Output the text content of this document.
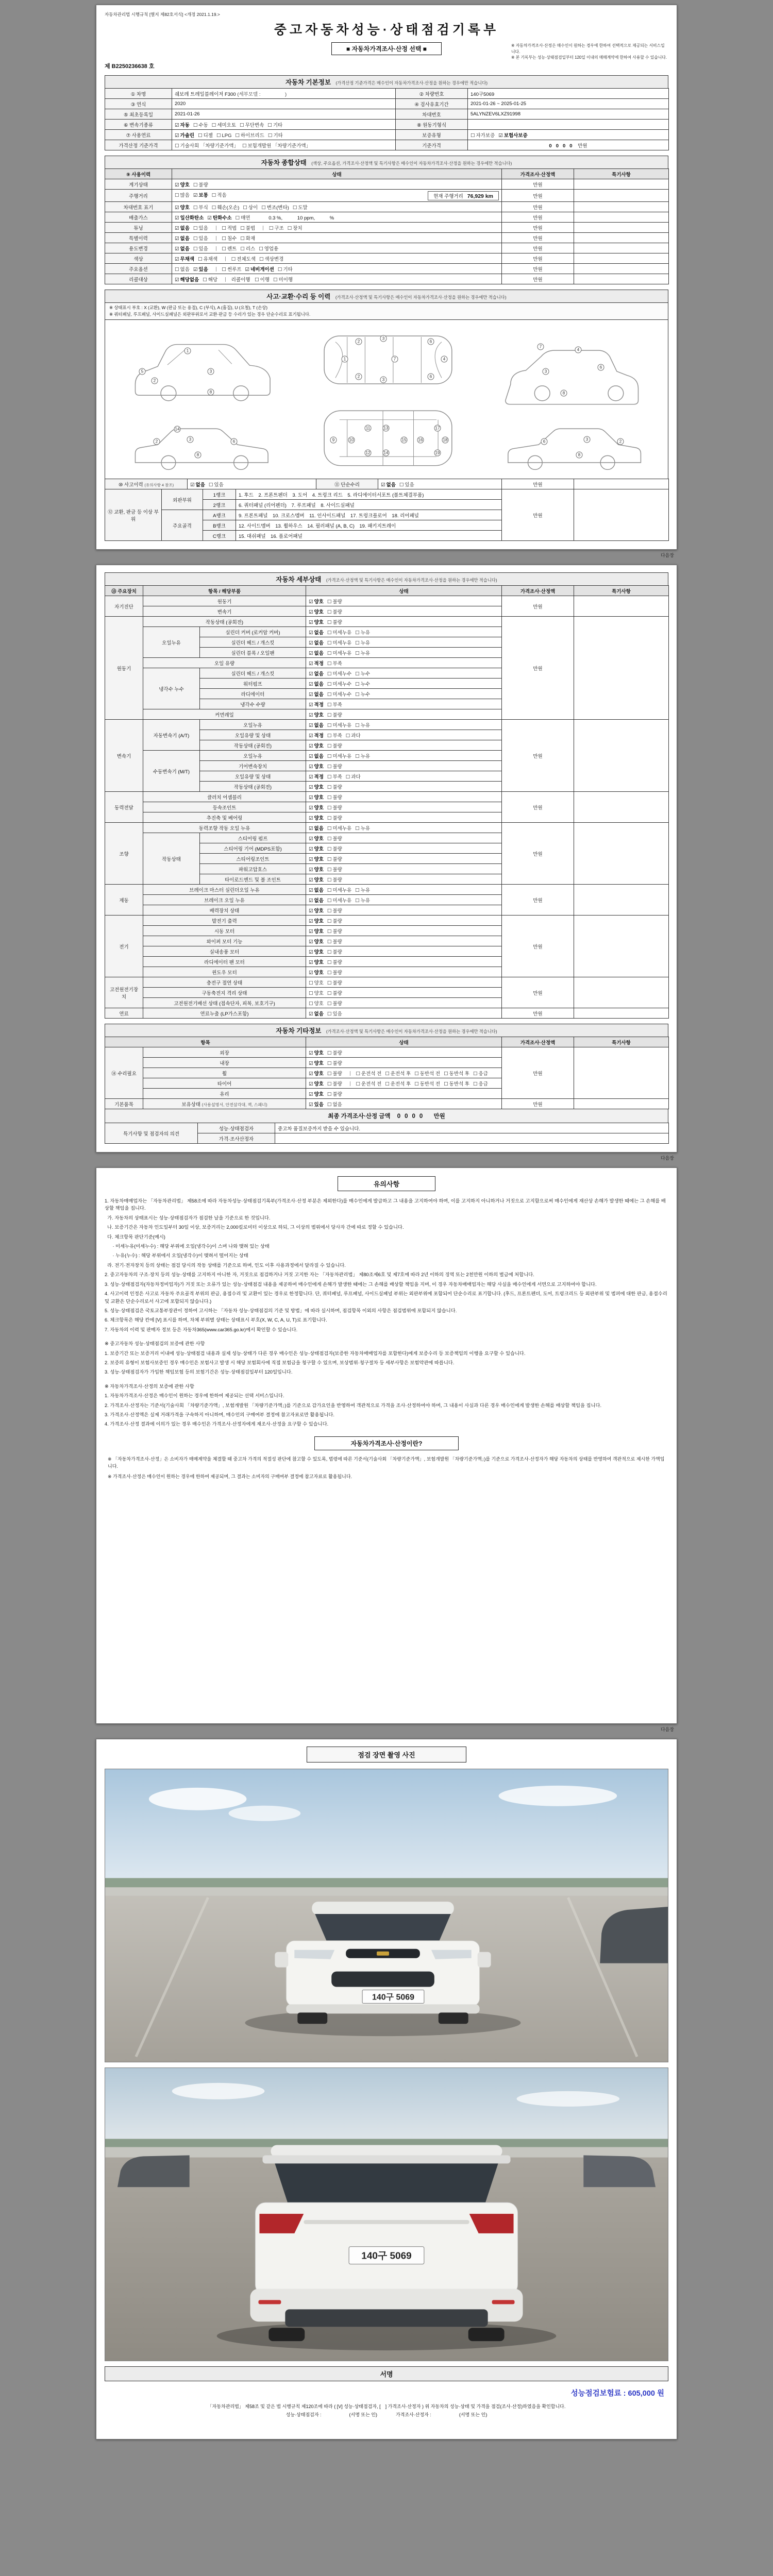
자동차관리법 시행규칙 [별지 제82호서식] <개정 2021.1.19.>
중고자동차성능·상태점검기록부
■ 자동차가격조사·산정 선택 ■	※ 자동차가격조사·산정은 매수인이 원하는 경우에 한하여 선택적으로 제공되는 서비스입니다.
※ 본 기록부는 성능·상태점검일부터 120일 이내의 매매계약에 한하여 사용할 수 있습니다.
제 B2250236638 호
자동차 기본정보 (가격산정 기준가격은 매수인이 자동차가격조사·산정을 원하는 경우에만 적습니다)
① 차명	쉐보레 트레일블레이저 F300 (세부모델 :　　　　　)	② 차량번호	140구5069
③ 연식	2020	④ 검사유효기간	2021-01-26 ~ 2025-01-25
⑤ 최초등록일	2021-01-26	차대번호	5ALYNZEV6LXZ91998
⑥ 변속기종류	☑ 자동 ☐ 수동 ☐ 세미오토 ☐ 무단변속 ☐ 기타	⑧ 원동기형식	
⑦ 사용연료	☑ 가솔린 ☐ 디젤 ☐ LPG ☐ 하이브리드 ☐ 기타	보증유형	☐ 자가보증 ☑ 보험사보증
가격산정 기준가격	☐ 기술사회 「차량기준가액」 ☐ 보험개발원 「차량기준가액」	기준가격	0000 만원
자동차 종합상태 (색상, 주요옵션, 가격조사·산정액 및 특기사항은 매수인이 자동차가격조사·산정을 원하는 경우에만 적습니다)
⑨ 사용이력	상태	가격조사·산정액	특기사항
계기상태	☑ 양호 ☐ 불량	만원	
주행거리	☐ 많음 ☑ 보통 ☐ 적음 현재 주행거리 76,929 km	만원	
차대번호 표기	☑ 양호 ☐ 부식 ☐ 훼손(오손) ☐ 상이 ☐ 변조(변타) ☐ 도말	만원	
배출가스	☑ 일산화탄소 ☑ 탄화수소 ☐ 매연 0.3 %, 10 ppm, %	만원	
튜닝	☑ 없음 ☐ 있음 ☐ 적법 ☐ 불법 ☐ 구조 ☐ 장치	만원	
특별이력	☑ 없음 ☐ 있음 ☐ 침수 ☐ 화재	만원	
용도변경	☑ 없음 ☐ 있음 ☐ 렌트 ☐ 리스 ☐ 영업용	만원	
색상	☑ 무채색 ☐ 유채색 ☐ 전체도색 ☐ 색상변경	만원	
주요옵션	☐ 없음 ☑ 있음 ☐ 썬루프 ☑ 네비게이션 ☐ 기타	만원	
리콜대상	☑ 해당없음 ☐ 해당 리콜이행 ☐ 이행 ☐ 미이행	만원	
사고·교환·수리 등 이력 (가격조사·산정액 및 특기사항은 매수인이 자동차가격조사·산정을 원하는 경우에만 적습니다)
※ 상태표시 부호 : X (교환), W (판금 또는 용접), C (부식), A (흠집), U (요철), T (손상)
※ 쿼터패널, 루프패널, 사이드실패널은 외판부위로서 교환·판금 등 수리가 있는 경우 단순수리로 표기됩니다.
5
1
2
3
8
1
2
2
3
3
7
6
6
4
7
4
6
3
8
2	3	6
8
14
9	10
11
12
13
14
15	16
17
18
19
2
3
6
8
⑩ 사고이력 (유의사항 4 참조)	☑ 없음 ☐ 있음	⑪ 단순수리	☑ 없음 ☐ 있음	만원	
⑫ 교환, 판금 등 이상 부위	외판부위	1랭크	1. 후드　2. 프론트펜더　3. 도어　4. 트렁크 리드　5. 라디에이터서포트 (볼트체결부품)	만원	
		2랭크	6. 쿼터패널 (리어펜더)　7. 루프패널　8. 사이드실패널		
	주요골격	A랭크	9. 프론트패널　10. 크로스멤버　11. 인사이드패널　17. 트렁크플로어　18. 리어패널		
		B랭크	12. 사이드멤버　13. 휠하우스　14. 필러패널 (A, B, C)　19. 패키지트레이		
		C랭크	15. 대쉬패널　16. 플로어패널		
다음장
자동차 세부상태 (가격조사·산정액 및 특기사항은 매수인이 자동차가격조사·산정을 원하는 경우에만 적습니다)
⑬ 주요장치	항목 / 해당부품		상태	가격조사·산정액	특기사항
자기진단	원동기		☑ 양호 ☐ 불량	만원	
	변속기		☑ 양호 ☐ 불량		
원동기	작동상태 (공회전)		☑ 양호 ☐ 불량	만원	
	오일누유	실린더 커버 (로커암 커버)	☑ 없음 ☐ 미세누유 ☐ 누유		
		실린더 헤드 / 개스킷	☑ 없음 ☐ 미세누유 ☐ 누유		
		실린더 블록 / 오일팬	☑ 없음 ☐ 미세누유 ☐ 누유		
	오일 유량		☑ 적정 ☐ 부족		
	냉각수 누수	실린더 헤드 / 개스킷	☑ 없음 ☐ 미세누수 ☐ 누수		
		워터펌프	☑ 없음 ☐ 미세누수 ☐ 누수		
		라디에이터	☑ 없음 ☐ 미세누수 ☐ 누수		
		냉각수 수량	☑ 적정 ☐ 부족		
	커먼레일		☑ 양호 ☐ 불량		
변속기	자동변속기 (A/T)	오일누유	☑ 없음 ☐ 미세누유 ☐ 누유	만원	
		오일유량 및 상태	☑ 적정 ☐ 부족 ☐ 과다		
		작동상태 (공회전)	☑ 양호 ☐ 불량		
	수동변속기 (M/T)	오일누유	☑ 없음 ☐ 미세누유 ☐ 누유		
		기어변속장치	☑ 양호 ☐ 불량		
		오일유량 및 상태	☑ 적정 ☐ 부족 ☐ 과다		
		작동상태 (공회전)	☑ 양호 ☐ 불량		
동력전달	클러치 어셈블리		☑ 양호 ☐ 불량	만원	
	등속조인트		☑ 양호 ☐ 불량		
	추진축 및 베어링		☑ 양호 ☐ 불량		
조향	동력조향 작동 오일 누유		☑ 없음 ☐ 미세누유 ☐ 누유	만원	
	작동상태	스티어링 펌프	☑ 양호 ☐ 불량		
		스티어링 기어 (MDPS포함)	☑ 양호 ☐ 불량		
		스티어링조인트	☑ 양호 ☐ 불량		
		파워고압호스	☑ 양호 ☐ 불량		
		타이로드엔드 및 볼 조인트	☑ 양호 ☐ 불량		
제동	브레이크 마스터 실린더오일 누유		☑ 없음 ☐ 미세누유 ☐ 누유	만원	
	브레이크 오일 누유		☑ 없음 ☐ 미세누유 ☐ 누유		
	배력장치 상태		☑ 양호 ☐ 불량		
전기	발전기 출력		☑ 양호 ☐ 불량	만원	
	시동 모터		☑ 양호 ☐ 불량		
	와이퍼 모터 기능		☑ 양호 ☐ 불량		
	실내송풍 모터		☑ 양호 ☐ 불량		
	라디에이터 팬 모터		☑ 양호 ☐ 불량		
	윈도우 모터		☑ 양호 ☐ 불량		
고전원전기장치	충전구 절연 상태		☐ 양호 ☐ 불량	만원	
	구동축전지 격리 상태		☐ 양호 ☐ 불량		
	고전원전기배선 상태 (접속단자, 피복, 보호기구)		☐ 양호 ☐ 불량		
연료	연료누출 (LP가스포함)		☑ 없음 ☐ 있음	만원	
자동차 기타정보 (가격조사·산정액 및 특기사항은 매수인이 자동차가격조사·산정을 원하는 경우에만 적습니다)
항목		상태	가격조사·산정액	특기사항
⑭ 수리필요	외장	☑ 양호 ☐ 불량	만원	
	내장	☑ 양호 ☐ 불량		
	휠	☑ 양호 ☐ 불량 ☐ 운전석 전 ☐ 운전석 후 ☐ 동반석 전 ☐ 동반석 후 ☐ 응급		
	타이어	☑ 양호 ☐ 불량 ☐ 운전석 전 ☐ 운전석 후 ☐ 동반석 전 ☐ 동반석 후 ☐ 응급		
	유리	☑ 양호 ☐ 불량		
기본품목	보유상태 (사용설명서, 안전삼각대, 잭, 스패너)	☑ 있음 ☐ 없음	만원	
최종 가격조사·산정 금액 0000 만원
특기사항 및 점검자의 의견	성능·상태점검자	중고차 품질보증까지 받을 수 있습니다.
	가격·조사산정자	
다음장
유의사항
1. 자동차매매업자는 「자동차관리법」 제58조에 따라 자동차성능·상태점검기록부(가격조사·산정 부분은 제외한다)를 매수인에게 발급하고 그 내용을 고지하여야 하며, 이를 고지하지 아니하거나 거짓으로 고지함으로써 매수인에게 재산상 손해가 발생한 때에는 그 손해를 배상할 책임을 집니다.
가. 자동차의 상태표시는 성능·상태점검자가 점검한 날을 기준으로 한 것입니다.
나. 보증기간은 자동차 인도일부터 30일 이상, 보증거리는 2,000킬로미터 이상으로 하되, 그 이상의 범위에서 당사자 간에 따로 정할 수 있습니다.
다. 체크항목 판단기준(예시)
· 미세누유(미세누수) : 해당 부위에 오일(냉각수)이 스며 나와 맺혀 있는 상태
· 누유(누수) : 해당 부위에서 오일(냉각수)이 맺혀서 떨어지는 상태
라. 전기·전자장치 등의 상태는 점검 당시의 작동 상태를 기준으로 하며, 인도 이후 사용과정에서 달라질 수 있습니다.
2. 중고자동차의 구조·장치 등의 성능·상태를 고지하지 아니한 자, 거짓으로 점검하거나 거짓 고지한 자는 「자동차관리법」 제80조제6호 및 제7호에 따라 2년 이하의 징역 또는 2천만원 이하의 벌금에 처합니다.
3. 성능·상태점검자(자동차정비업자)가 거짓 또는 오류가 있는 성능·상태점검 내용을 제공하여 매수인에게 손해가 발생한 때에는 그 손해를 배상할 책임을 지며, 이 경우 자동차매매업자는 해당 사실을 매수인에게 서면으로 고지하여야 합니다.
4. 사고이력 인정은 사고로 자동차 주요골격 부위의 판금, 용접수리 및 교환이 있는 경우로 한정합니다. 단, 쿼터패널, 루프패널, 사이드실패널 부위는 외판부위에 포함되어 단순수리로 표기합니다. (후드, 프론트펜더, 도어, 트렁크리드 등 외판부위 및 범퍼에 대한 판금, 용접수리 및 교환은 단순수리로서 사고에 포함되지 않습니다.)
5. 성능·상태점검은 국토교통부장관이 정하여 고시하는 「자동차 성능·상태점검의 기준 및 방법」에 따라 실시하며, 점검항목 이외의 사항은 점검범위에 포함되지 않습니다.
6. 체크항목은 해당 칸에 [V] 표시를 하며, 차체 부위별 상태는 상태표시 부호(X, W, C, A, U, T)로 표기합니다.
7. 자동차의 이력 및 판매자 정보 등은 자동차365(www.car365.go.kr)에서 확인할 수 있습니다.
※ 중고자동차 성능·상태점검의 보증에 관한 사항
1. 보증기간 또는 보증거리 이내에 성능·상태점검 내용과 실제 성능·상태가 다른 경우 매수인은 성능·상태점검자(보증한 자동차매매업자를 포함한다)에게 보증수리 등 보증책임의 이행을 요구할 수 있습니다.
2. 보증의 유형이 보험사보증인 경우 매수인은 보험사고 발생 시 해당 보험회사에 직접 보험금을 청구할 수 있으며, 보상범위·청구절차 등 세부사항은 보험약관에 따릅니다.
3. 성능·상태점검자가 가입한 책임보험 등의 보험기간은 성능·상태점검일부터 120일입니다.
※ 자동차가격조사·산정의 보증에 관한 사항
1. 자동차가격조사·산정은 매수인이 원하는 경우에 한하여 제공되는 선택 서비스입니다.
2. 가격조사·산정자는 기준서(기술사회 「차량기준가액」, 보험개발원 「차량기준가액」)를 기준으로 감가요인을 반영하여 객관적으로 가격을 조사·산정하여야 하며, 그 내용이 사실과 다른 경우 매수인에게 발생한 손해를 배상할 책임을 집니다.
3. 가격조사·산정액은 실제 거래가격을 구속하지 아니하며, 매수인의 구매여부 결정에 참고자료로만 활용됩니다.
4. 가격조사·산정 결과에 이의가 있는 경우 매수인은 가격조사·산정자에게 재조사·산정을 요구할 수 있습니다.
자동차가격조사·산정이란?
※ 「자동차가격조사·산정」은 소비자가 매매계약을 체결할 때 중고차 가격의 적절성 판단에 참고할 수 있도록, 법령에 따른 기준서(기술사회 「차량기준가액」, 보험개발원 「차량기준가액」)를 기준으로 가격조사·산정자가 해당 자동차의 상태를 반영하여 객관적으로 제시한 가액입니다.
※ 가격조사·산정은 매수인이 원하는 경우에 한하여 제공되며, 그 결과는 소비자의 구매여부 결정에 참고자료로 활용됩니다.
다음장
점검 장면 촬영 사진
140구 5069
140구 5069
서명
성능점검보험료 : 605,000 원
「자동차관리법」 제58조 및 같은 법 시행규칙 제120조에 따라 ( [V] 성능·상태점검자, [　] 가격조사·산정자 ) 위 자동차의 성능·상태 및 가격을 점검(조사·산정)하였음을 확인합니다.
성능·상태점검자 :　　　　　　(서명 또는 인)　　　　가격조사·산정자 :　　　　　　(서명 또는 인)
